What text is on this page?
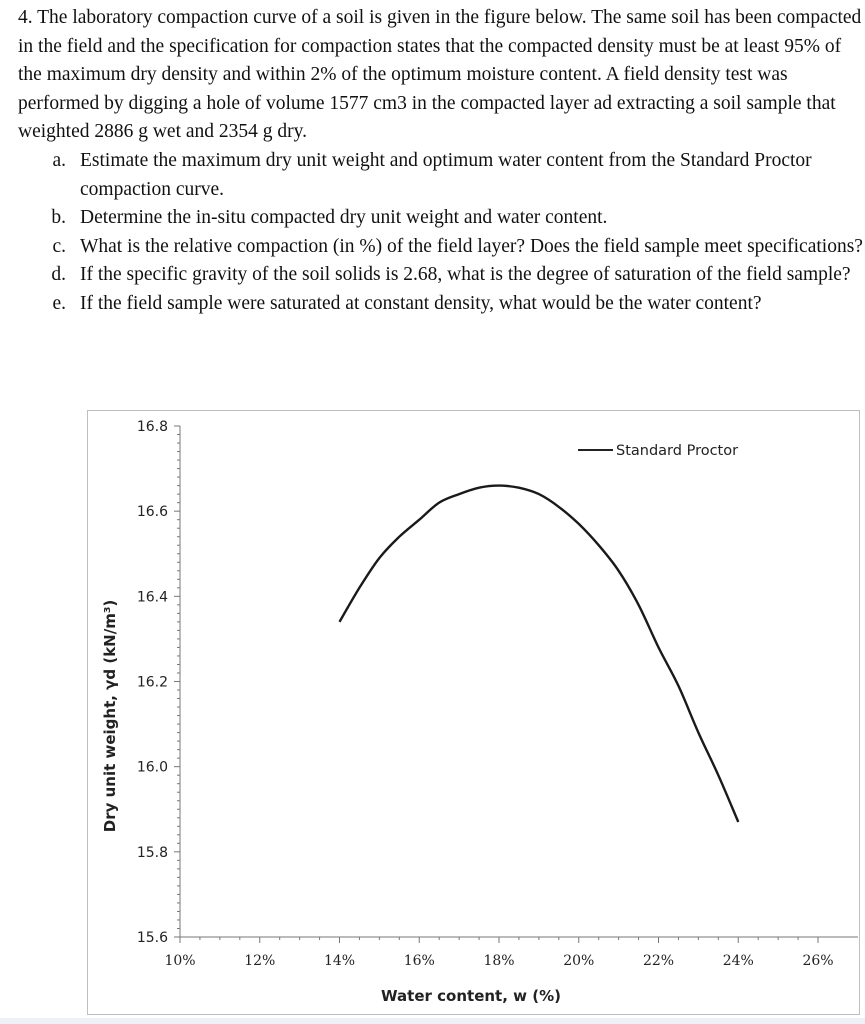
4. The laboratory compaction curve of a soil is given in the figure below. The same soil has been compacted in the field and the specification for compaction states that the compacted density must be at least 95% of the maximum dry density and within 2% of the optimum moisture content. A field density test was performed by digging a hole of volume 1577 cm3 in the compacted layer ad extracting a soil sample that weighted 2886 g wet and 2354 g dry.

a. Estimate the maximum dry unit weight and optimum water content from the Standard Proctor compaction curve.
b. Determine the in-situ compacted dry unit weight and water content.
c. What is the relative compaction (in %) of the field layer? Does the field sample meet specifications?
d. If the specific gravity of the soil solids is 2.68, what is the degree of saturation of the field sample?
e. If the field sample were saturated at constant density, what would be the water content?
16.8
16.6
16.4
16.2
16.0
15.8
15.6
10%	12%	14%	16%	18%	20%	22%	24%	26%
Water content, w (%)
Dry unit weight, γd (kN/m³)
Standard Proctor
